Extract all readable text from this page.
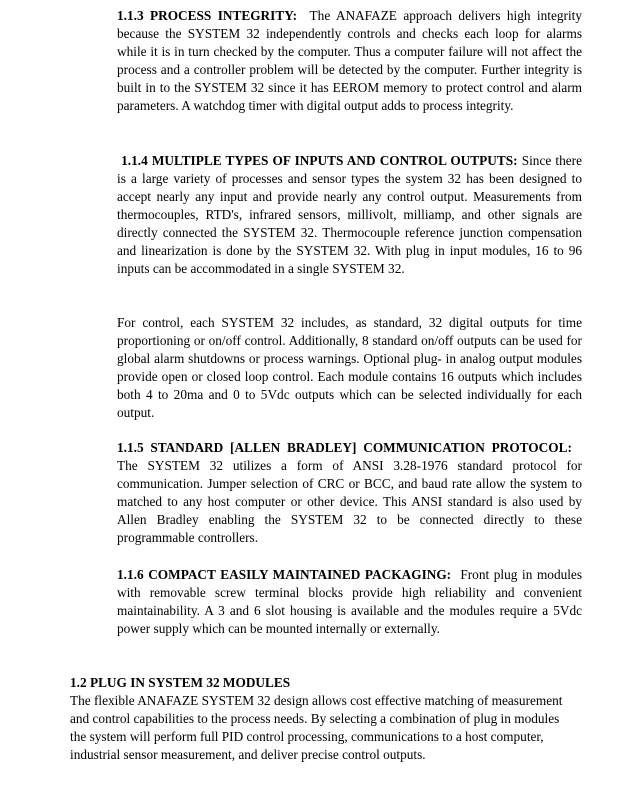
1.1.3 PROCESS INTEGRITY: The ANAFAZE approach delivers high integrity because the SYSTEM 32 independently controls and checks each loop for alarms while it is in turn checked by the computer. Thus a computer failure will not affect the process and a controller problem will be detected by the computer. Further integrity is built in to the SYSTEM 32 since it has EEROM memory to protect control and alarm parameters. A watchdog timer with digital output adds to process integrity.

1.1.4 MULTIPLE TYPES OF INPUTS AND CONTROL OUTPUTS: Since there is a large variety of processes and sensor types the system 32 has been designed to accept nearly any input and provide nearly any control output. Measurements from thermocouples, RTD's, infrared sensors, millivolt, milliamp, and other signals are directly connected the SYSTEM 32. Thermocouple reference junction compensation and linearization is done by the SYSTEM 32. With plug in input modules, 16 to 96 inputs can be accommodated in a single SYSTEM 32.

For control, each SYSTEM 32 includes, as standard, 32 digital outputs for time proportioning or on/off control. Additionally, 8 standard on/off outputs can be used for global alarm shutdowns or process warnings. Optional plug- in analog output modules provide open or closed loop control. Each module contains 16 outputs which includes both 4 to 20ma and 0 to 5Vdc outputs which can be selected individually for each output.

1.1.5 STANDARD [ALLEN BRADLEY] COMMUNICATION PROTOCOL:   The SYSTEM 32 utilizes a form of ANSI 3.28-1976 standard protocol for communication. Jumper selection of CRC or BCC, and baud rate allow the system to matched to any host computer or other device. This ANSI standard is also used by Allen Bradley enabling the SYSTEM 32 to be connected directly to these programmable controllers.

1.1.6 COMPACT EASILY MAINTAINED PACKAGING: Front plug in modules with removable screw terminal blocks provide high reliability and convenient maintainability. A 3 and 6 slot housing is available and the modules require a 5Vdc power supply which can be mounted internally or externally.

1.2 PLUG IN SYSTEM 32 MODULES
The flexible ANAFAZE SYSTEM 32 design allows cost effective matching of measurement and control capabilities to the process needs. By selecting a combination of plug in modules the system will perform full PID control processing, communications to a host computer, industrial sensor measurement, and deliver precise control outputs.
